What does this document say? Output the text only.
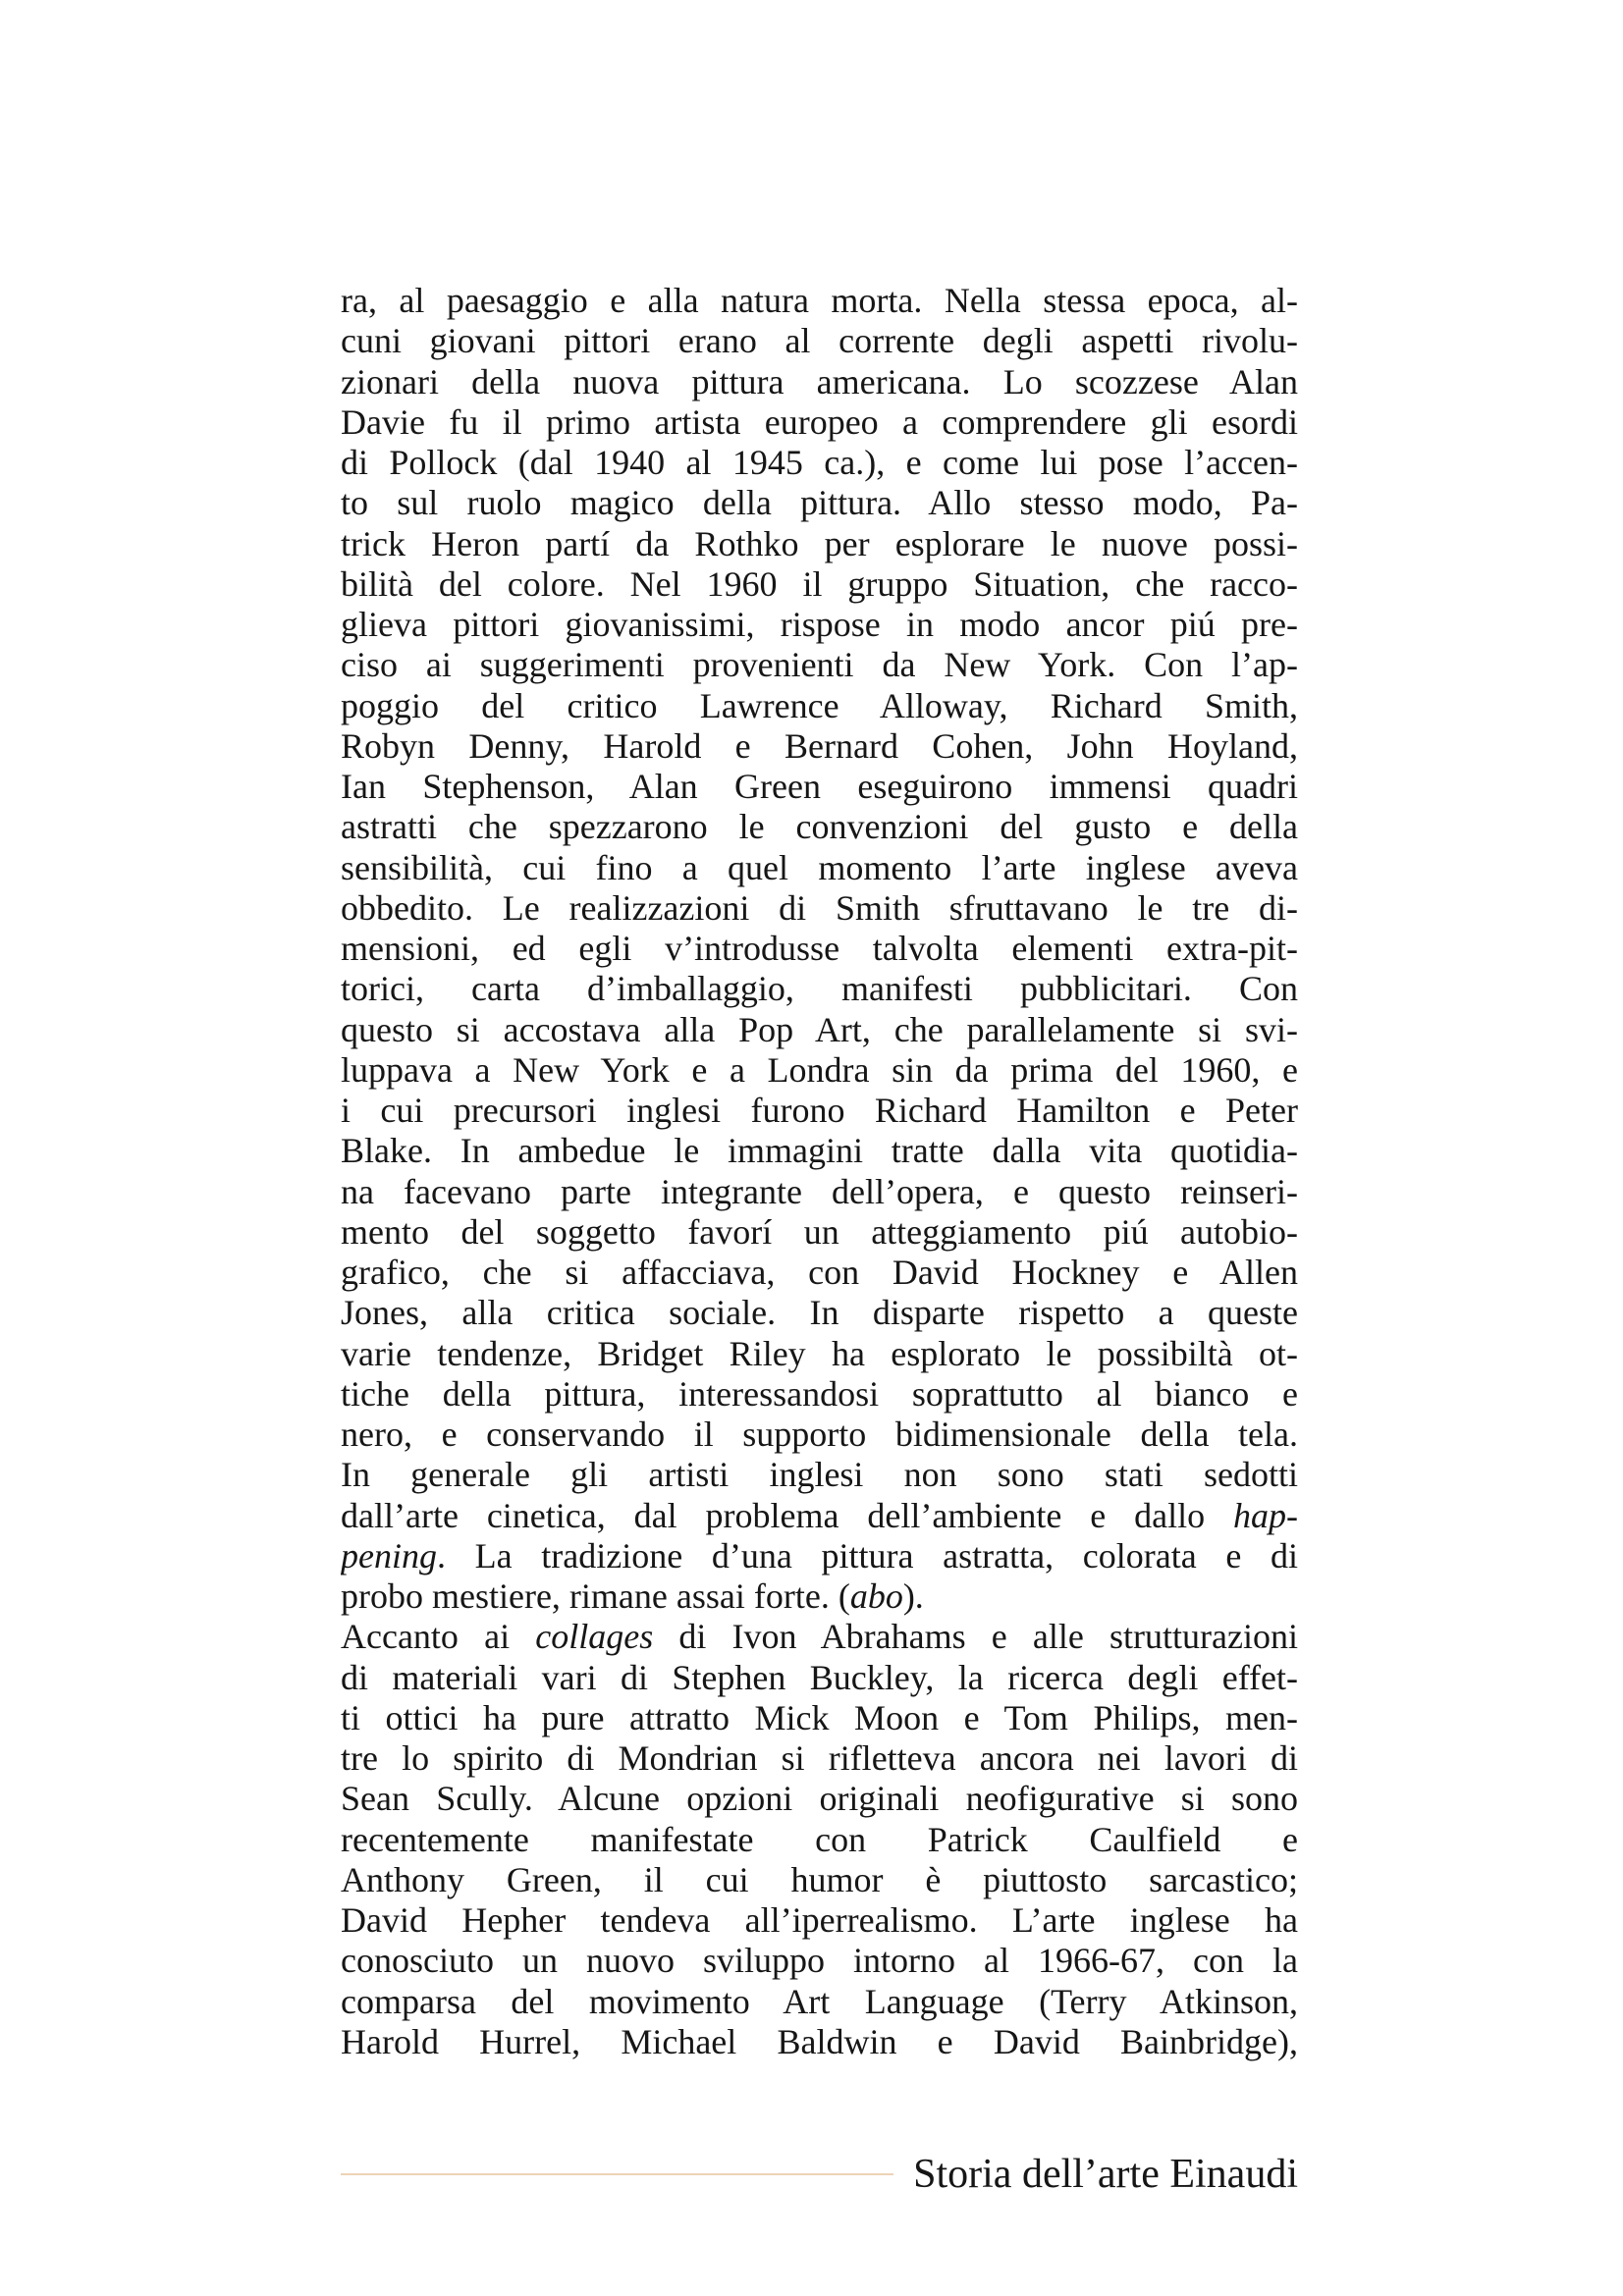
ra, al paesaggio e alla natura morta. Nella stessa epoca, al-
cuni giovani pittori erano al corrente degli aspetti rivolu-
zionari della nuova pittura americana. Lo scozzese Alan
Davie fu il primo artista europeo a comprendere gli esordi
di Pollock (dal 1940 al 1945 ca.), e come lui pose l’accen-
to sul ruolo magico della pittura. Allo stesso modo, Pa-
trick Heron partí da Rothko per esplorare le nuove possi-
bilità del colore. Nel 1960 il gruppo Situation, che racco-
glieva pittori giovanissimi, rispose in modo ancor piú pre-
ciso ai suggerimenti provenienti da New York. Con l’ap-
poggio del critico Lawrence Alloway, Richard Smith,
Robyn Denny, Harold e Bernard Cohen, John Hoyland,
Ian Stephenson, Alan Green eseguirono immensi quadri
astratti che spezzarono le convenzioni del gusto e della
sensibilità, cui fino a quel momento l’arte inglese aveva
obbedito. Le realizzazioni di Smith sfruttavano le tre di-
mensioni, ed egli v’introdusse talvolta elementi extra-pit-
torici, carta d’imballaggio, manifesti pubblicitari. Con
questo si accostava alla Pop Art, che parallelamente si svi-
luppava a New York e a Londra sin da prima del 1960, e
i cui precursori inglesi furono Richard Hamilton e Peter
Blake. In ambedue le immagini tratte dalla vita quotidia-
na facevano parte integrante dell’opera, e questo reinseri-
mento del soggetto favorí un atteggiamento piú autobio-
grafico, che si affacciava, con David Hockney e Allen
Jones, alla critica sociale. In disparte rispetto a queste
varie tendenze, Bridget Riley ha esplorato le possibiltà ot-
tiche della pittura, interessandosi soprattutto al bianco e
nero, e conservando il supporto bidimensionale della tela.
In generale gli artisti inglesi non sono stati sedotti
dall’arte cinetica, dal problema dell’ambiente e dallo hap-
pening. La tradizione d’una pittura astratta, colorata e di
probo mestiere, rimane assai forte. (abo).
Accanto ai collages di Ivon Abrahams e alle strutturazioni
di materiali vari di Stephen Buckley, la ricerca degli effet-
ti ottici ha pure attratto Mick Moon e Tom Philips, men-
tre lo spirito di Mondrian si rifletteva ancora nei lavori di
Sean Scully. Alcune opzioni originali neofigurative si sono
recentemente manifestate con Patrick Caulfield e
Anthony Green, il cui humor è piuttosto sarcastico;
David Hepher tendeva all’iperrealismo. L’arte inglese ha
conosciuto un nuovo sviluppo intorno al 1966-67, con la
comparsa del movimento Art Language (Terry Atkinson,
Harold Hurrel, Michael Baldwin e David Bainbridge),
Storia dell’arte Einaudi
